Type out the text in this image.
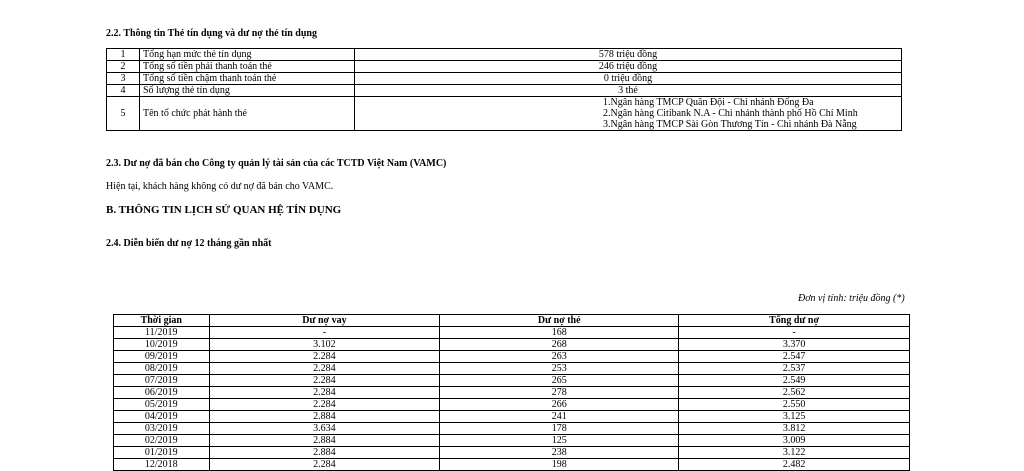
2.2. Thông tin Thẻ tín dụng và dư nợ thẻ tín dụng
1	Tổng hạn mức thẻ tín dụng	578 triệu đồng
2	Tổng số tiền phải thanh toán thẻ	246 triệu đồng
3	Tổng số tiền chậm thanh toán thẻ	0 triệu đồng
4	Số lượng thẻ tín dụng	3 thẻ
5	Tên tổ chức phát hành thẻ	1.Ngân hàng TMCP Quân Đội - Chi nhánh Đống Đa
2.Ngân hàng Citibank N.A - Chi nhánh thành phố Hồ Chí Minh
3.Ngân hàng TMCP Sài Gòn Thương Tín - Chi nhánh Đà Nẵng
2.3. Dư nợ đã bán cho Công ty quản lý tài sản của các TCTD Việt Nam (VAMC)
Hiện tại, khách hàng không có dư nợ đã bán cho VAMC.
B. THÔNG TIN LỊCH SỬ QUAN HỆ TÍN DỤNG
2.4. Diễn biến dư nợ 12 tháng gần nhất
Đơn vị tính: triệu đồng (*)
Thời gian	Dư nợ vay	Dư nợ thẻ	Tổng dư nợ
11/2019	-	168	-
10/2019	3.102	268	3.370
09/2019	2.284	263	2.547
08/2019	2.284	253	2.537
07/2019	2.284	265	2.549
06/2019	2.284	278	2.562
05/2019	2.284	266	2.550
04/2019	2.884	241	3.125
03/2019	3.634	178	3.812
02/2019	2.884	125	3.009
01/2019	2.884	238	3.122
12/2018	2.284	198	2.482
